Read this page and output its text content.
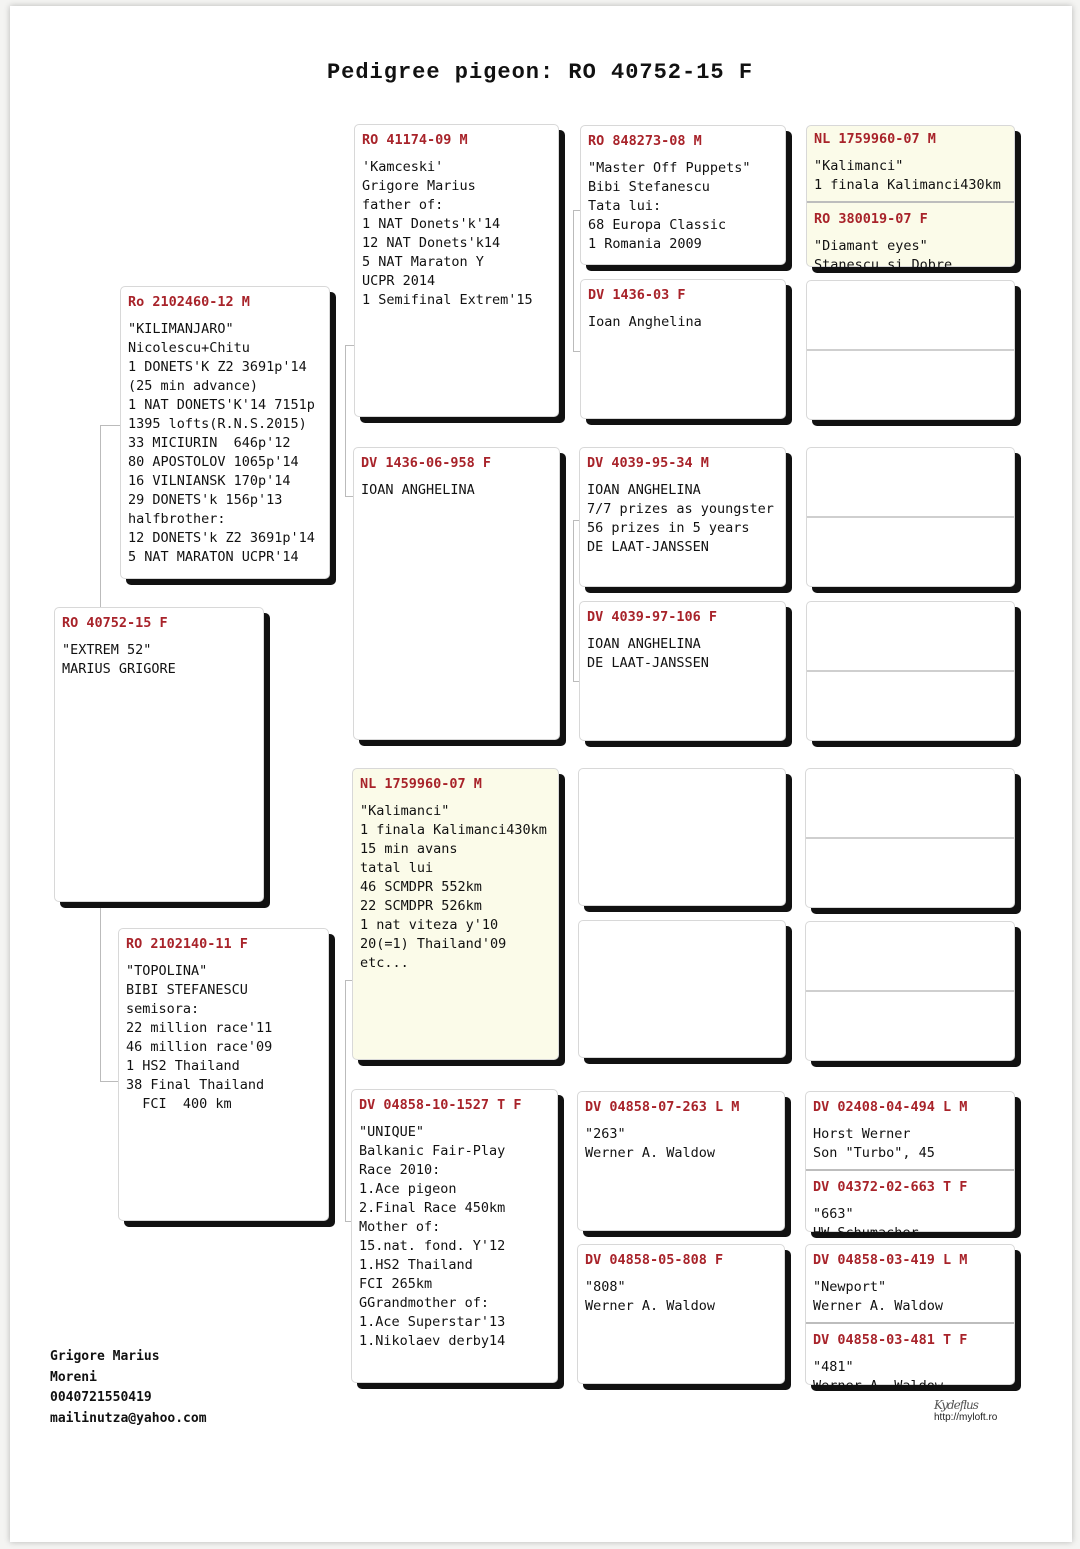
Pedigree pigeon: RO 40752-15 F
RO 40752-15 F
"EXTREM 52"
MARIUS GRIGORE
Ro 2102460-12 M
"KILIMANJARO"
Nicolescu+Chitu
1 DONETS'K Z2 3691p'14
(25 min advance)
1 NAT DONETS'K'14 7151p
1395 lofts(R.N.S.2015)
33 MICIURIN  646p'12
80 APOSTOLOV 1065p'14
16 VILNIANSK 170p'14
29 DONETS'k 156p'13
halfbrother:
12 DONETS'k Z2 3691p'14
5 NAT MARATON UCPR'14
RO 2102140-11 F
"TOPOLINA"
BIBI STEFANESCU
semisora:
22 million race'11
46 million race'09
1 HS2 Thailand
38 Final Thailand
FCI  400 km
RO 41174-09 M
'Kamceski'
Grigore Marius
father of:
1 NAT Donets'k'14
12 NAT Donets'k14
5 NAT Maraton Y
UCPR 2014
1 Semifinal Extrem'15
DV 1436-06-958 F
IOAN ANGHELINA
NL 1759960-07 M
"Kalimanci"
1 finala Kalimanci430km
15 min avans
tatal lui
46 SCMDPR 552km
22 SCMDPR 526km
1 nat viteza y'10
20(=1) Thailand'09
etc...
DV 04858-10-1527 T F
"UNIQUE"
Balkanic Fair-Play
Race 2010:
1.Ace pigeon
2.Final Race 450km
Mother of:
15.nat. fond. Y'12
1.HS2 Thailand
FCI 265km
GGrandmother of:
1.Ace Superstar'13
1.Nikolaev derby14
RO 848273-08 M
"Master Off Puppets"
Bibi Stefanescu
Tata lui:
68 Europa Classic
1 Romania 2009
DV 1436-03 F
Ioan Anghelina
DV 4039-95-34 M
IOAN ANGHELINA
7/7 prizes as youngster
56 prizes in 5 years
DE LAAT-JANSSEN
DV 4039-97-106 F
IOAN ANGHELINA
DE LAAT-JANSSEN
DV 04858-07-263 L M
"263"
Werner A. Waldow
DV 04858-05-808 F
"808"
Werner A. Waldow
NL 1759960-07 M
"Kalimanci"
1 finala Kalimanci430km
RO 380019-07 F
"Diamant eyes"
Stanescu si Dobre
DV 02408-04-494 L M
Horst Werner
Son "Turbo", 45
DV 04372-02-663 T F
"663"
HW Schumacher
DV 04858-03-419 L M
"Newport"
Werner A. Waldow
DV 04858-03-481 T F
"481"
Werner A. Waldow
Grigore Marius
Moreni
0040721550419
mailinutza@yahoo.com
Kydeflus
http://myloft.ro
